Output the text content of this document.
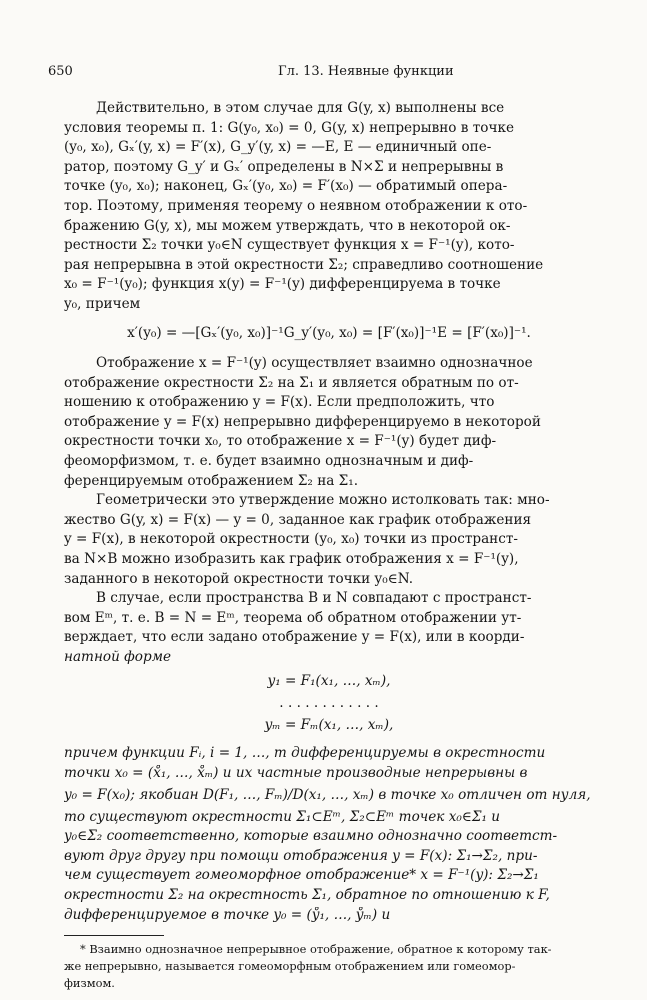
650	Гл. 13. Неявные функции
Действительно, в этом случае для G(y, x) выполнены все
условия теоремы п. 1: G(y₀, x₀) = 0, G(y, x) непрерывно в точке
(y₀, x₀), Gₓ′(y, x) = F′(x), G_y′(y, x) = —E, E — единичный опе-
ратор, поэтому G_y′ и Gₓ′ определены в N×Σ и непрерывны в
точке (y₀, x₀); наконец, Gₓ′(y₀, x₀) = F′(x₀) — обратимый опера-
тор. Поэтому, применяя теорему о неявном отображении к ото-
бражению G(y, x), мы можем утверждать, что в некоторой ок-
рестности Σ₂ точки y₀∈N существует функция x = F⁻¹(y), кото-
рая непрерывна в этой окрестности Σ₂; справедливо соотношение
x₀ = F⁻¹(y₀); функция x(y) = F⁻¹(y) дифференцируема в точке
y₀, причем
x′(y₀) = —[Gₓ′(y₀, x₀)]⁻¹G_y′(y₀, x₀) = [F′(x₀)]⁻¹E = [F′(x₀)]⁻¹.
Отображение x = F⁻¹(y) осуществляет взаимно однозначное
отображение окрестности Σ₂ на Σ₁ и является обратным по от-
ношению к отображению y = F(x). Если предположить, что
отображение y = F(x) непрерывно дифференцируемо в некоторой
окрестности точки x₀, то отображение x = F⁻¹(y) будет диф-
феоморфизмом, т. е. будет взаимно однозначным и диф-
ференцируемым отображением Σ₂ на Σ₁.
Геометрически это утверждение можно истолковать так: мно-
жество G(y, x) = F(x) — y = 0, заданное как график отображения
y = F(x), в некоторой окрестности (y₀, x₀) точки из пространст-
ва N×B можно изобразить как график отображения x = F⁻¹(y),
заданного в некоторой окрестности точки y₀∈N.
В случае, если пространства B и N совпадают с пространст-
вом Eᵐ, т. е. B = N = Eᵐ, теорема об обратном отображении ут-
верждает, что если задано отображение y = F(x), или в коорди-
натной форме
y₁ = F₁(x₁, …, xₘ),
. . . . . . . . . . . .
yₘ = Fₘ(x₁, …, xₘ),
причем функции Fᵢ, i = 1, …, m дифференцируемы в окрестности
точки x₀ = (x̊₁, …, x̊ₘ) и их частные производные непрерывны в
y₀ = F(x₀); якобиан D(F₁, …, Fₘ)/D(x₁, …, xₘ) в точке x₀ отличен от нуля,
то существуют окрестности Σ₁⊂Eᵐ, Σ₂⊂Eᵐ точек x₀∈Σ₁ и
y₀∈Σ₂ соответственно, которые взаимно однозначно соответст-
вуют друг другу при помощи отображения y = F(x): Σ₁→Σ₂, при-
чем существует гомеоморфное отображение* x = F⁻¹(y): Σ₂→Σ₁
окрестности Σ₂ на окрестность Σ₁, обратное по отношению к F,
дифференцируемое в точке y₀ = (ẙ₁, …, ẙₘ) и
* Взаимно однозначное непрерывное отображение, обратное к которому так-
же непрерывно, называется гомеоморфным отображением или гомеомор-
физмом.
